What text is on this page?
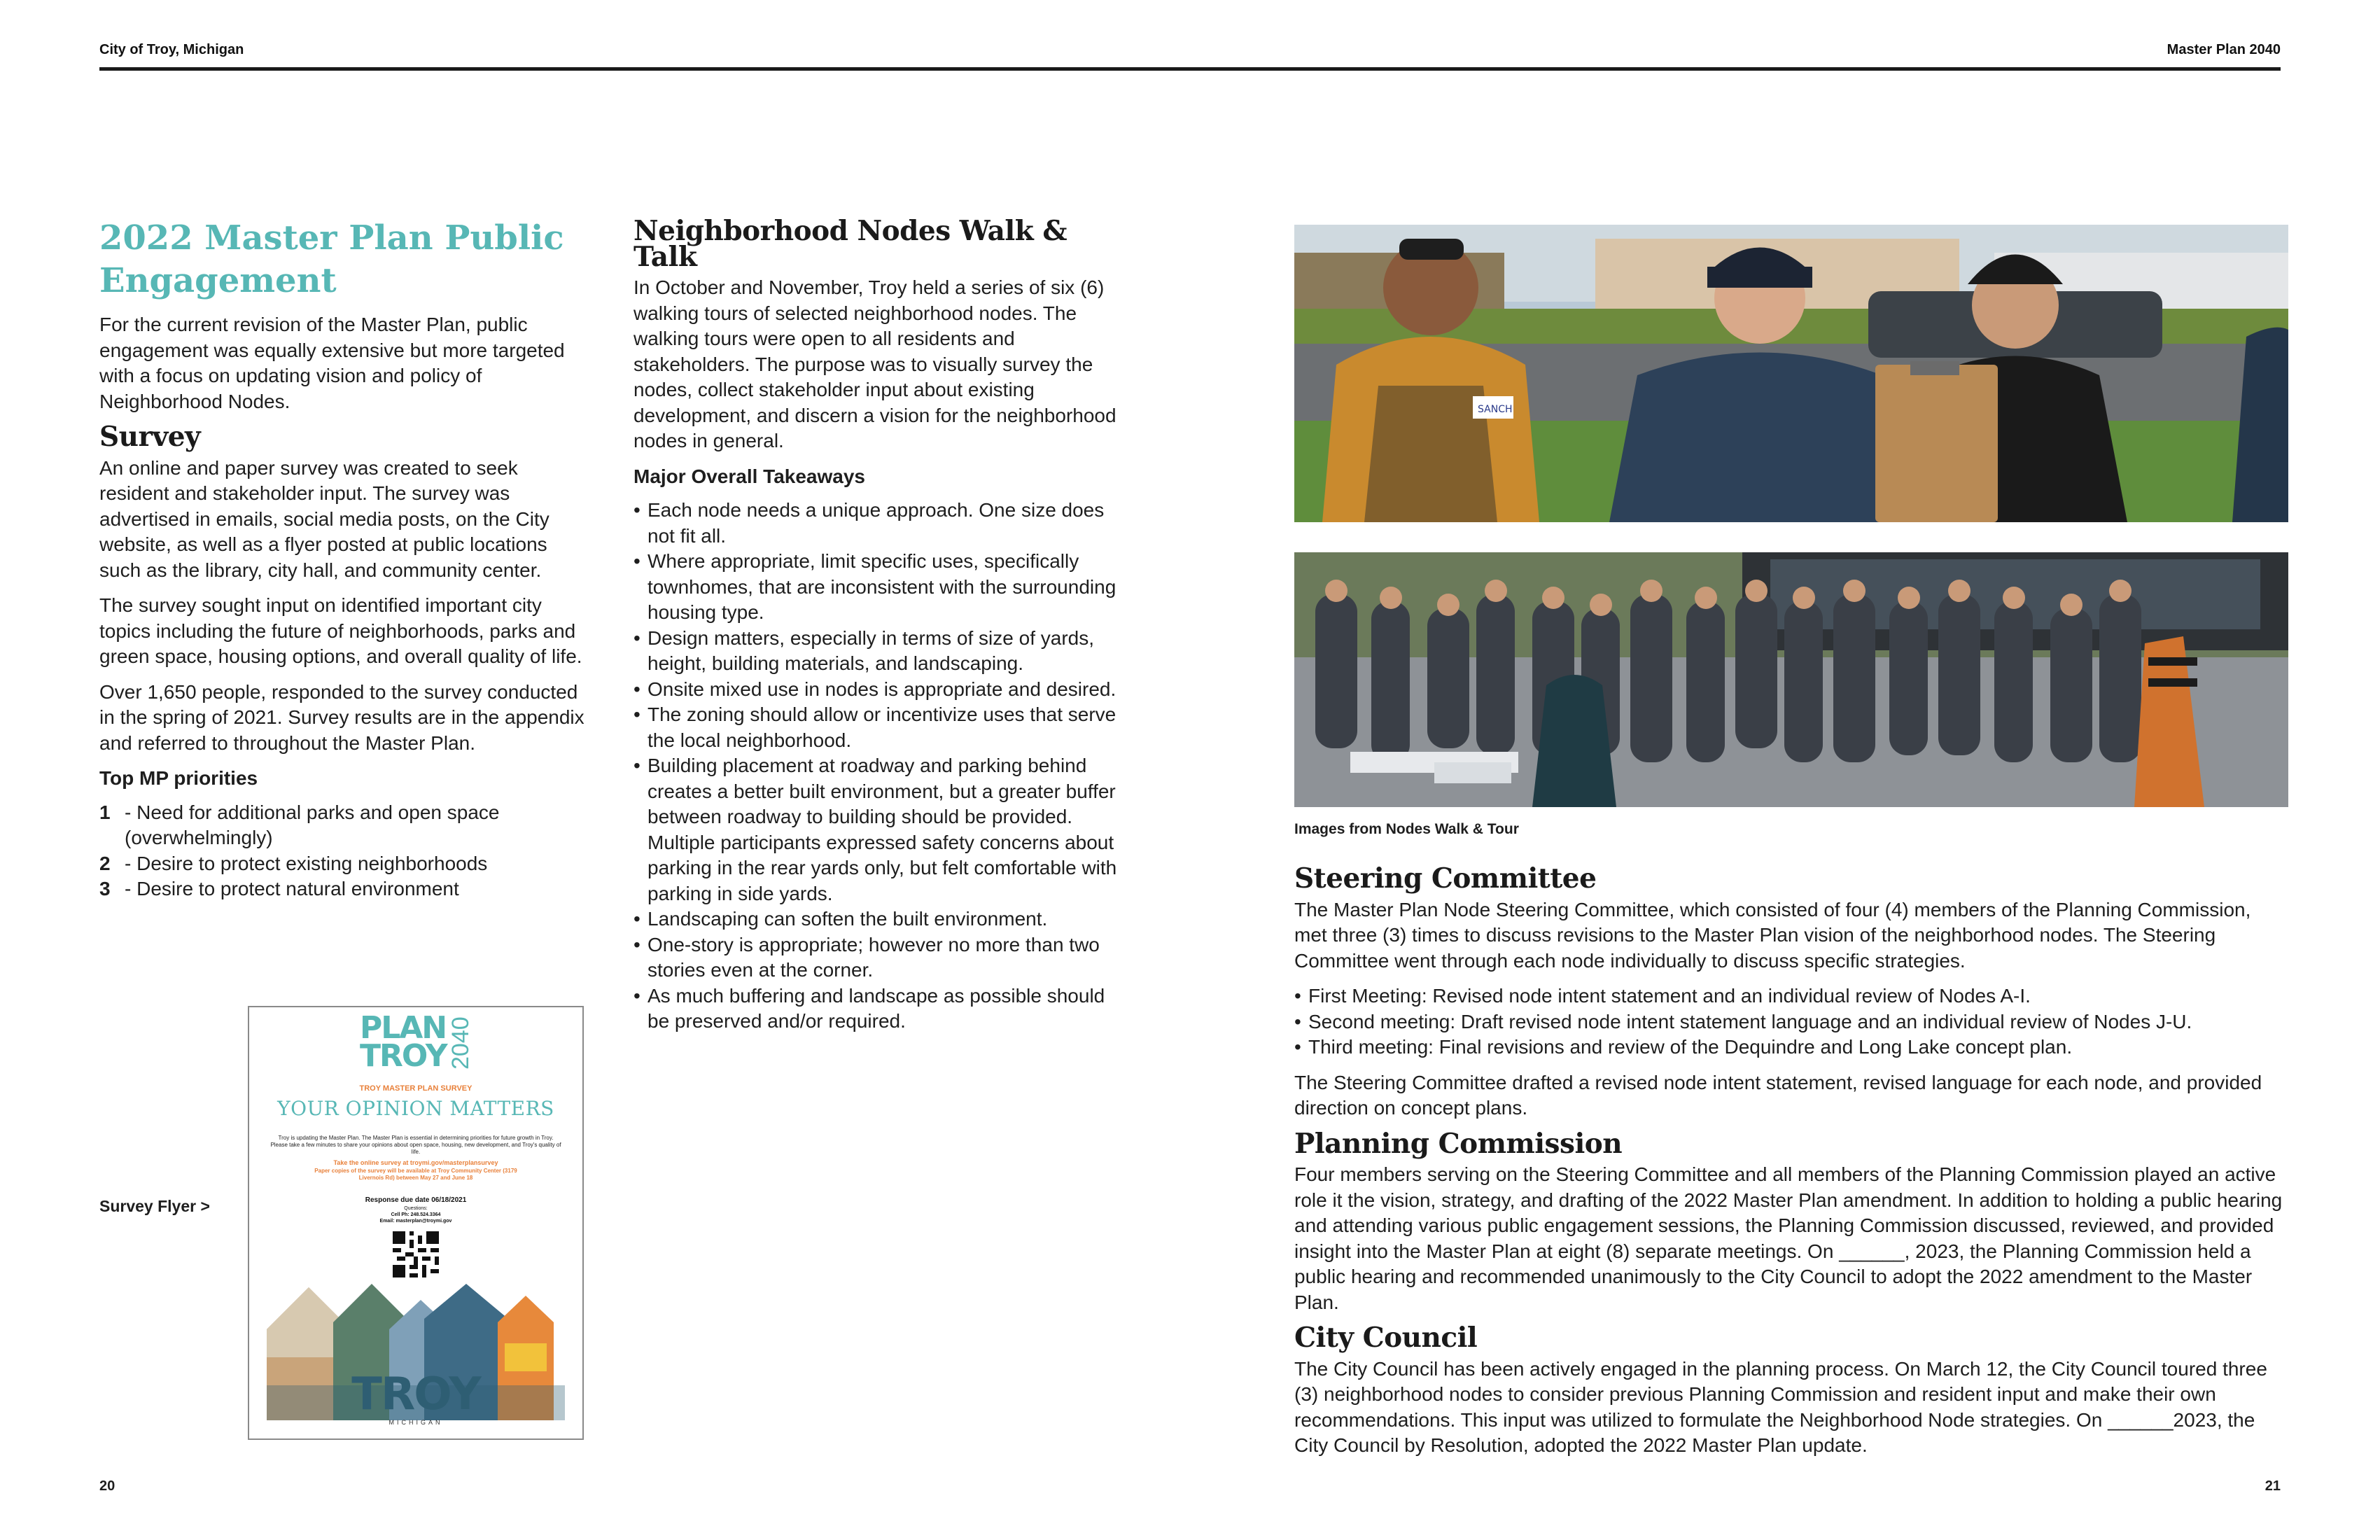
City of Troy, Michigan	Master Plan 2040
2022 Master Plan Public Engagement

For the current revision of the Master Plan, public engagement was equally extensive but more targeted with a focus on updating vision and policy of Neighborhood Nodes.

Survey

An online and paper survey was created to seek resident and stakeholder input. The survey was advertised in emails, social media posts, on the City website, as well as a flyer posted at public locations such as the library, city hall, and community center.

The survey sought input on identified important city topics including the future of neighborhoods, parks and green space, housing options, and overall quality of life.

Over 1,650 people, responded to the survey conducted in the spring of 2021. Survey results are in the appendix and referred to throughout the Master Plan.

Top MP priorities
1 - Need for additional parks and open space (overwhelmingly)
2 - Desire to protect existing neighborhoods
3 - Desire to protect natural environment
Survey Flyer >
PLAN
TROY 2040
TROY MASTER PLAN SURVEY
YOUR OPINION MATTERS
Troy is updating the Master Plan. The Master Plan is essential in determining priorities for future growth in Troy. Please take a few minutes to share your opinions about open space, housing, new development, and Troy's quality of life.
Take the online survey at troymi.gov/masterplansurvey
Paper copies of the survey will be available at Troy Community Center (3179 Livernois Rd) between May 27 and June 18
Response due date 06/18/2021
Questions:
Cell Ph: 248.524.3364
Email: masterplan@troymi.gov
TROY
MICHIGAN
Neighborhood Nodes Walk & Talk

In October and November, Troy held a series of six (6) walking tours of selected neighborhood nodes. The walking tours were open to all residents and stakeholders. The purpose was to visually survey the nodes, collect stakeholder input about existing development, and discern a vision for the neighborhood nodes in general.

Major Overall Takeaways
• Each node needs a unique approach. One size does not fit all.
• Where appropriate, limit specific uses, specifically townhomes, that are inconsistent with the surrounding housing type.
• Design matters, especially in terms of size of yards, height, building materials, and landscaping.
• Onsite mixed use in nodes is appropriate and desired.
• The zoning should allow or incentivize uses that serve the local neighborhood.
• Building placement at roadway and parking behind creates a better built environment, but a greater buffer between roadway to building should be provided. Multiple participants expressed safety concerns about parking in the rear yards only, but felt comfortable with parking in side yards.
• Landscaping can soften the built environment.
• One-story is appropriate; however no more than two stories even at the corner.
• As much buffering and landscape as possible should be preserved and/or required.
SANCH
Images from Nodes Walk & Tour
Steering Committee

The Master Plan Node Steering Committee, which consisted of four (4) members of the Planning Commission, met three (3) times to discuss revisions to the Master Plan vision of the neighborhood nodes. The Steering Committee went through each node individually to discuss specific strategies.

• First Meeting: Revised node intent statement and an individual review of Nodes A-I.
• Second meeting: Draft revised node intent statement language and an individual review of Nodes J-U.
• Third meeting: Final revisions and review of the Dequindre and Long Lake concept plan.

The Steering Committee drafted a revised node intent statement, revised language for each node, and provided direction on concept plans.

Planning Commission

Four members serving on the Steering Committee and all members of the Planning Commission played an active role it the vision, strategy, and drafting of the 2022 Master Plan amendment. In addition to holding a public hearing and attending various public engagement sessions, the Planning Commission discussed, reviewed, and provided insight into the Master Plan at eight (8) separate meetings. On ______, 2023, the Planning Commission held a public hearing and recommended unanimously to the City Council to adopt the 2022 amendment to the Master Plan.

City Council

The City Council has been actively engaged in the planning process. On March 12, the City Council toured three (3) neighborhood nodes to consider previous Planning Commission and resident input and make their own recommendations. This input was utilized to formulate the Neighborhood Node strategies. On ______2023, the City Council by Resolution, adopted the 2022 Master Plan update.

20	21
